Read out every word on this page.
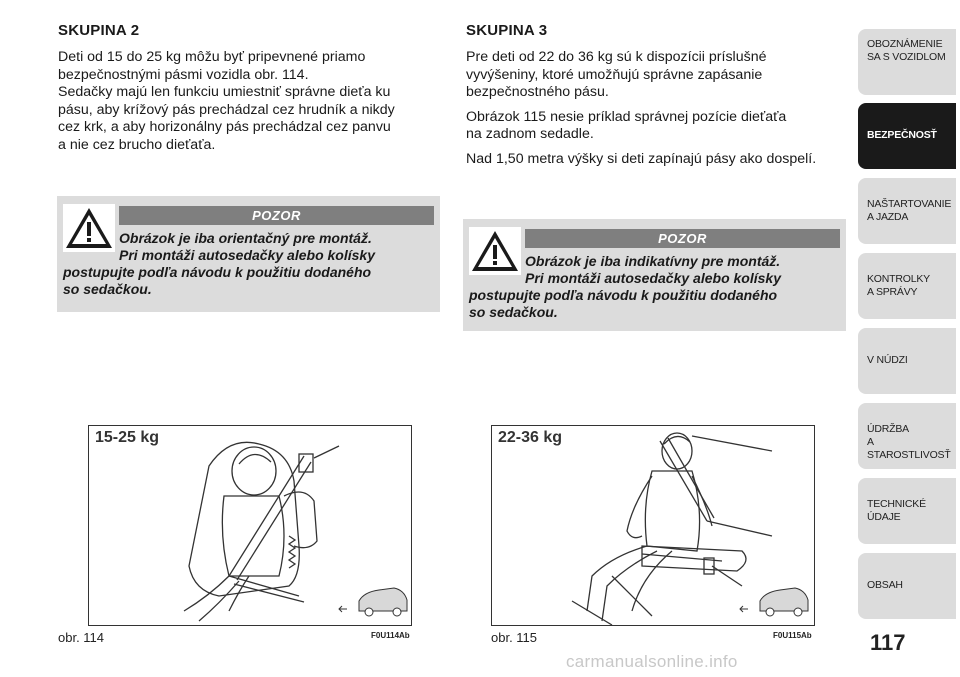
SKUPINA 2
Deti od 15 do 25 kg môžu byť pripevnené priamo
bezpečnostnými pásmi vozidla obr. 114.
Sedačky majú len funkciu umiestniť správne dieťa ku
pásu, aby krížový pás prechádzal cez hrudník a nikdy
cez krk, a aby horizonálny pás prechádzal cez panvu
a nie cez brucho dieťaťa.
POZOR
Obrázok je iba orientačný pre montáž.
Pri montáži autosedačky alebo kolísky
postupujte podľa návodu k použitiu dodaného
so sedačkou.
15-25 kg
obr. 114	F0U114Ab
SKUPINA 3
Pre deti od 22 do 36 kg sú k dispozícii príslušné
vyvýšeniny, ktoré umožňujú správne zapásanie
bezpečnostného pásu.
Obrázok 115 nesie príklad správnej pozície dieťaťa
na zadnom sedadle.
Nad 1,50 metra výšky si deti zapínajú pásy ako dospelí.
POZOR
Obrázok je iba indikatívny pre montáž.
Pri montáži autosedačky alebo kolísky
postupujte podľa návodu k použitiu dodaného
so sedačkou.
22-36 kg
obr. 115	F0U115Ab
OBOZNÁMENIE
SA S VOZIDLOM
BEZPEČNOSŤ
NAŠTARTOVANIE
A JAZDA
KONTROLKY
A SPRÁVY
V NÚDZI
ÚDRŽBA
A STAROSTLIVOSŤ
TECHNICKÉ
ÚDAJE
OBSAH
117
carmanualsonline.info
